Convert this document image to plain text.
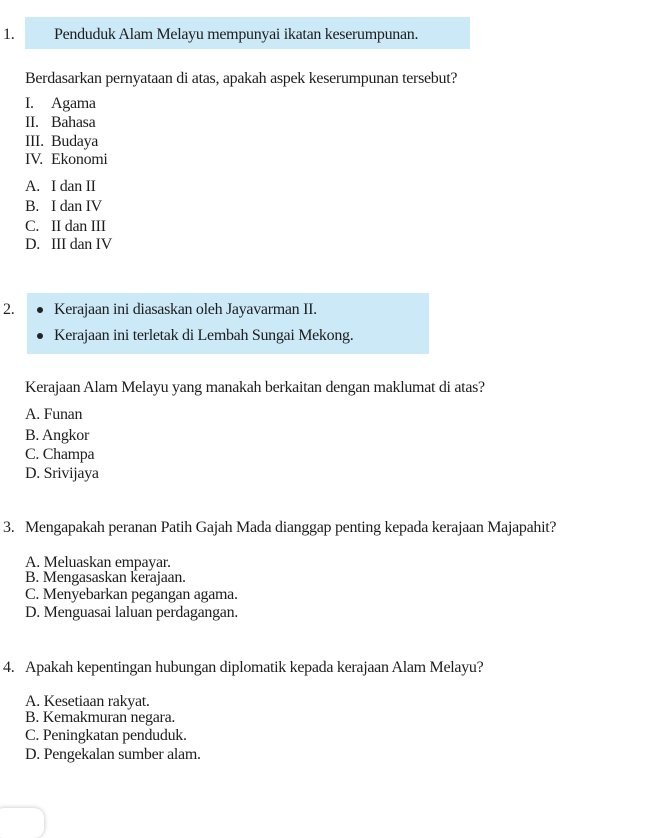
1. Penduduk Alam Melayu mempunyai ikatan keserumpunan.
Berdasarkan pernyataan di atas, apakah aspek keserumpunan tersebut?
I. Agama
II. Bahasa
III. Budaya
IV. Ekonomi
A. I dan II
B. I dan IV
C. II dan III
D. III dan IV
2. Kerajaan ini diasaskan oleh Jayavarman II.
Kerajaan ini terletak di Lembah Sungai Mekong.
Kerajaan Alam Melayu yang manakah berkaitan dengan maklumat di atas?
A. Funan
B. Angkor
C. Champa
D. Srivijaya
3. Mengapakah peranan Patih Gajah Mada dianggap penting kepada kerajaan Majapahit?
A. Meluaskan empayar.
B. Mengasaskan kerajaan.
C. Menyebarkan pegangan agama.
D. Menguasai laluan perdagangan.
4. Apakah kepentingan hubungan diplomatik kepada kerajaan Alam Melayu?
A. Kesetiaan rakyat.
B. Kemakmuran negara.
C. Peningkatan penduduk.
D. Pengekalan sumber alam.
